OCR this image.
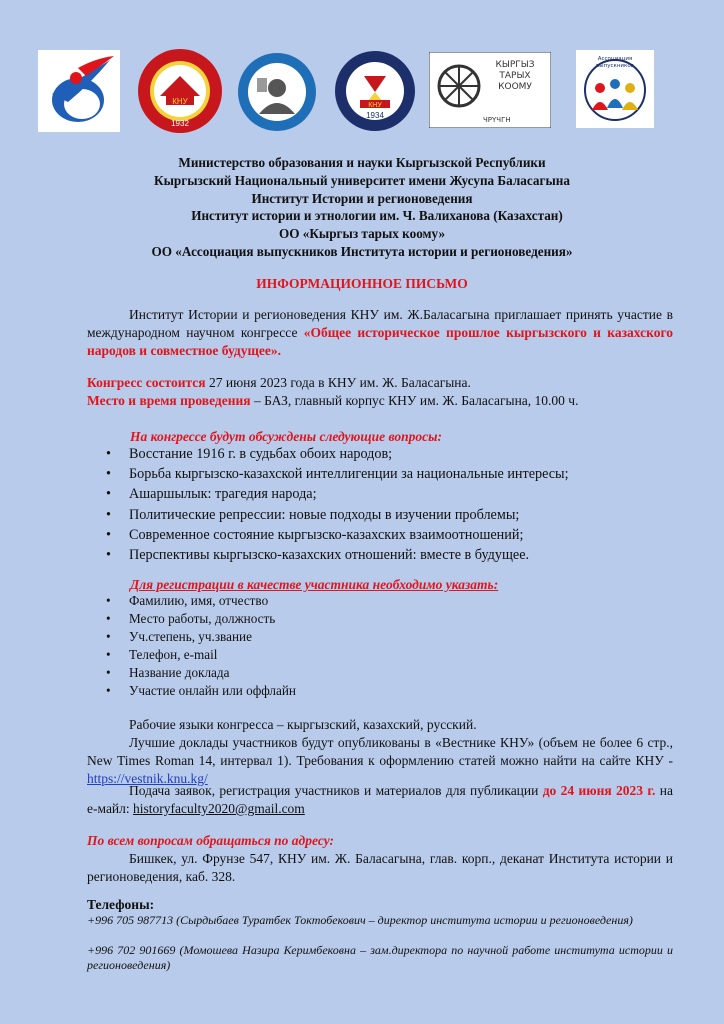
КНУ
1932
КНУ
1934	ЧРҮЧГН
КЫРГЫЗ ТАРЫХ КООМУ
Ассоциация выпускников
Министерство образования и науки Кыргызской Республики
Кыргызский Национальный университет имени Жусупа Баласагына
Институт Истории и регионоведения
Институт истории и этнологии им. Ч. Валиханова (Казахстан)
ОО «Кыргыз тарых коому»
ОО «Ассоциация выпускников Института истории и регионоведения»
ИНФОРМАЦИОННОЕ ПИСЬМО
Институт Истории и регионоведения КНУ им. Ж.Баласагына приглашает принять участие в международном научном конгрессе «Общее историческое прошлое кыргызского и казахского народов и совместное будущее».
Конгресс состоится 27 июня 2023 года в КНУ им. Ж. Баласагына.
Место и время проведения – БАЗ, главный корпус КНУ им. Ж. Баласагына, 10.00 ч.
На конгрессе будут обсуждены следующие вопросы:
• Восстание 1916 г. в судьбах обоих народов;
• Борьба кыргызско-казахской интеллигенции за национальные интересы;
• Ашаршылык: трагедия народа;
• Политические репрессии: новые подходы в изучении проблемы;
• Современное состояние кыргызско-казахских взаимоотношений;
• Перспективы кыргызско-казахских отношений: вместе в будущее.
Для регистрации в качестве участника необходимо указать:
• Фамилию, имя, отчество
• Место работы, должность
• Уч.степень, уч.звание
• Телефон, e-mail
• Название доклада
• Участие онлайн или оффлайн
Рабочие языки конгресса – кыргызский, казахский, русский.
Лучшие доклады участников будут опубликованы в «Вестнике КНУ» (объем не более 6 стр., New Times Roman 14, интервал 1). Требования к оформлению статей можно найти на сайте КНУ - https://vestnik.knu.kg/
Подача заявок, регистрация участников и материалов для публикации до 24 июня 2023 г. на е-майл: historyfaculty2020@gmail.com
По всем вопросам обращаться по адресу:
Бишкек, ул. Фрунзе 547, КНУ им. Ж. Баласагына, глав. корп., деканат Института истории и регионоведения, каб. 328.
Телефоны:
+996 705 987713 (Сырдыбаев Туратбек Токтобекович – директор института истории и регионоведения)
+996 702 901669 (Момошева Назира Керимбековна – зам.директора по научной работе института истории и регионоведения)
